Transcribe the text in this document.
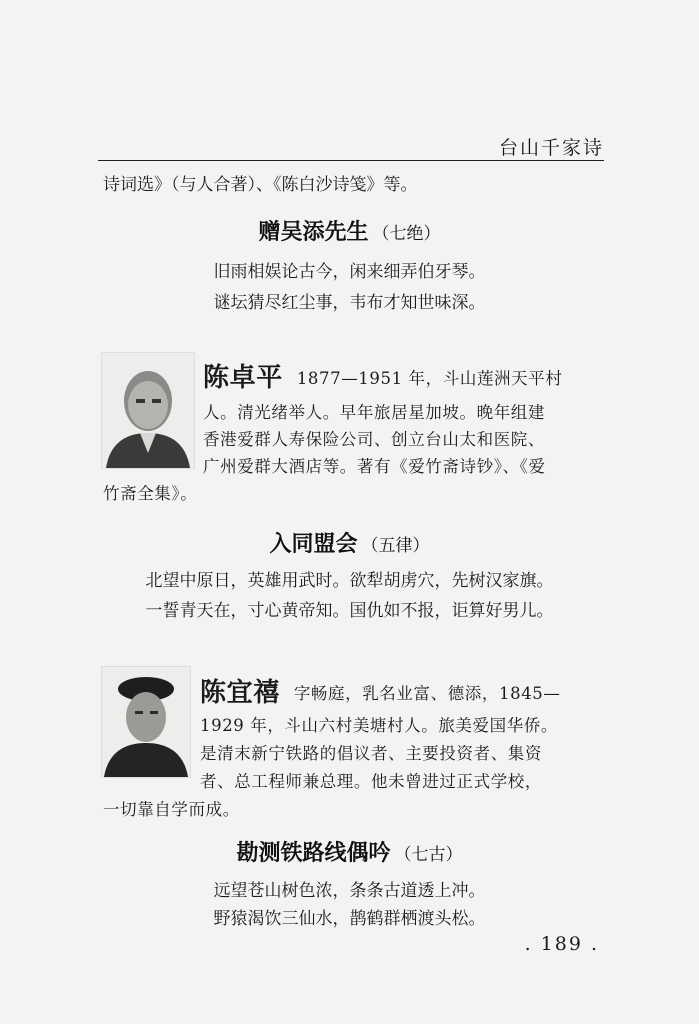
台山千家诗
诗词选》（与人合著）、《陈白沙诗笺》等。
赠吴添先生 （七绝）
旧雨相娱论古今，闲来细弄伯牙琴。
谜坛猜尽红尘事，韦布才知世味深。
陈卓平 1877—1951 年，斗山莲洲天平村
人。清光绪举人。早年旅居星加坡。晚年组建
香港爱群人寿保险公司、创立台山太和医院、
广州爱群大酒店等。著有《爱竹斋诗钞》、《爱
竹斋全集》。
入同盟会 （五律）
北望中原日，英雄用武时。欲犁胡虏穴，先树汉家旗。
一誓青天在，寸心黄帝知。国仇如不报，讵算好男儿。
陈宜禧 字畅庭，乳名业富、德添，1845—
1929 年，斗山六村美塘村人。旅美爱国华侨。
是清末新宁铁路的倡议者、主要投资者、集资
者、总工程师兼总理。他未曾进过正式学校，
一切靠自学而成。
勘测铁路线偶吟 （七古）
远望苍山树色浓，条条古道透上冲。
野猿渴饮三仙水，鹊鹤群栖渡头松。
. 189 .
